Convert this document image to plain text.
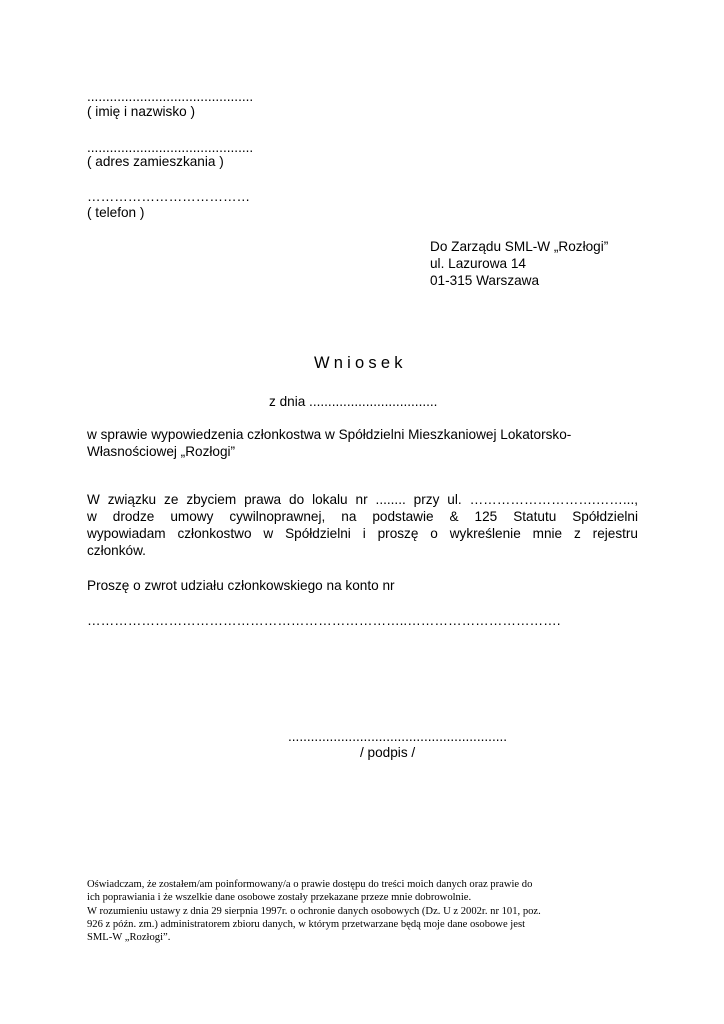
............................................
( imię i nazwisko )
............................................
( adres zamieszkania )
………………………………
( telefon )
Do Zarządu SML-W „Rozłogi”
ul. Lazurowa 14
01-315 Warszawa
Wniosek
z dnia ..................................
w sprawie wypowiedzenia członkostwa w Spółdzielni Mieszkaniowej Lokatorsko-
Własnościowej „Rozłogi”
W związku ze zbyciem prawa do lokalu nr ........ przy ul. ……………………….……...,
w drodze umowy cywilnoprawnej, na podstawie & 125 Statutu Spółdzielni
wypowiadam członkostwo w Spółdzielni i proszę o wykreślenie mnie z rejestru
członków.
Proszę o zwrot udziału członkowskiego na konto nr
……………………………………………………………..…………………………….
..........................................................
/ podpis /
Oświadczam, że zostałem/am poinformowany/a o prawie dostępu do treści moich danych oraz prawie do
ich poprawiania i że wszelkie dane osobowe zostały przekazane przeze mnie dobrowolnie.
W rozumieniu ustawy z dnia 29 sierpnia 1997r. o ochronie danych osobowych (Dz. U z 2002r. nr 101, poz.
926 z późn. zm.) administratorem zbioru danych, w którym przetwarzane będą moje dane osobowe jest
SML-W „Rozłogi”.
